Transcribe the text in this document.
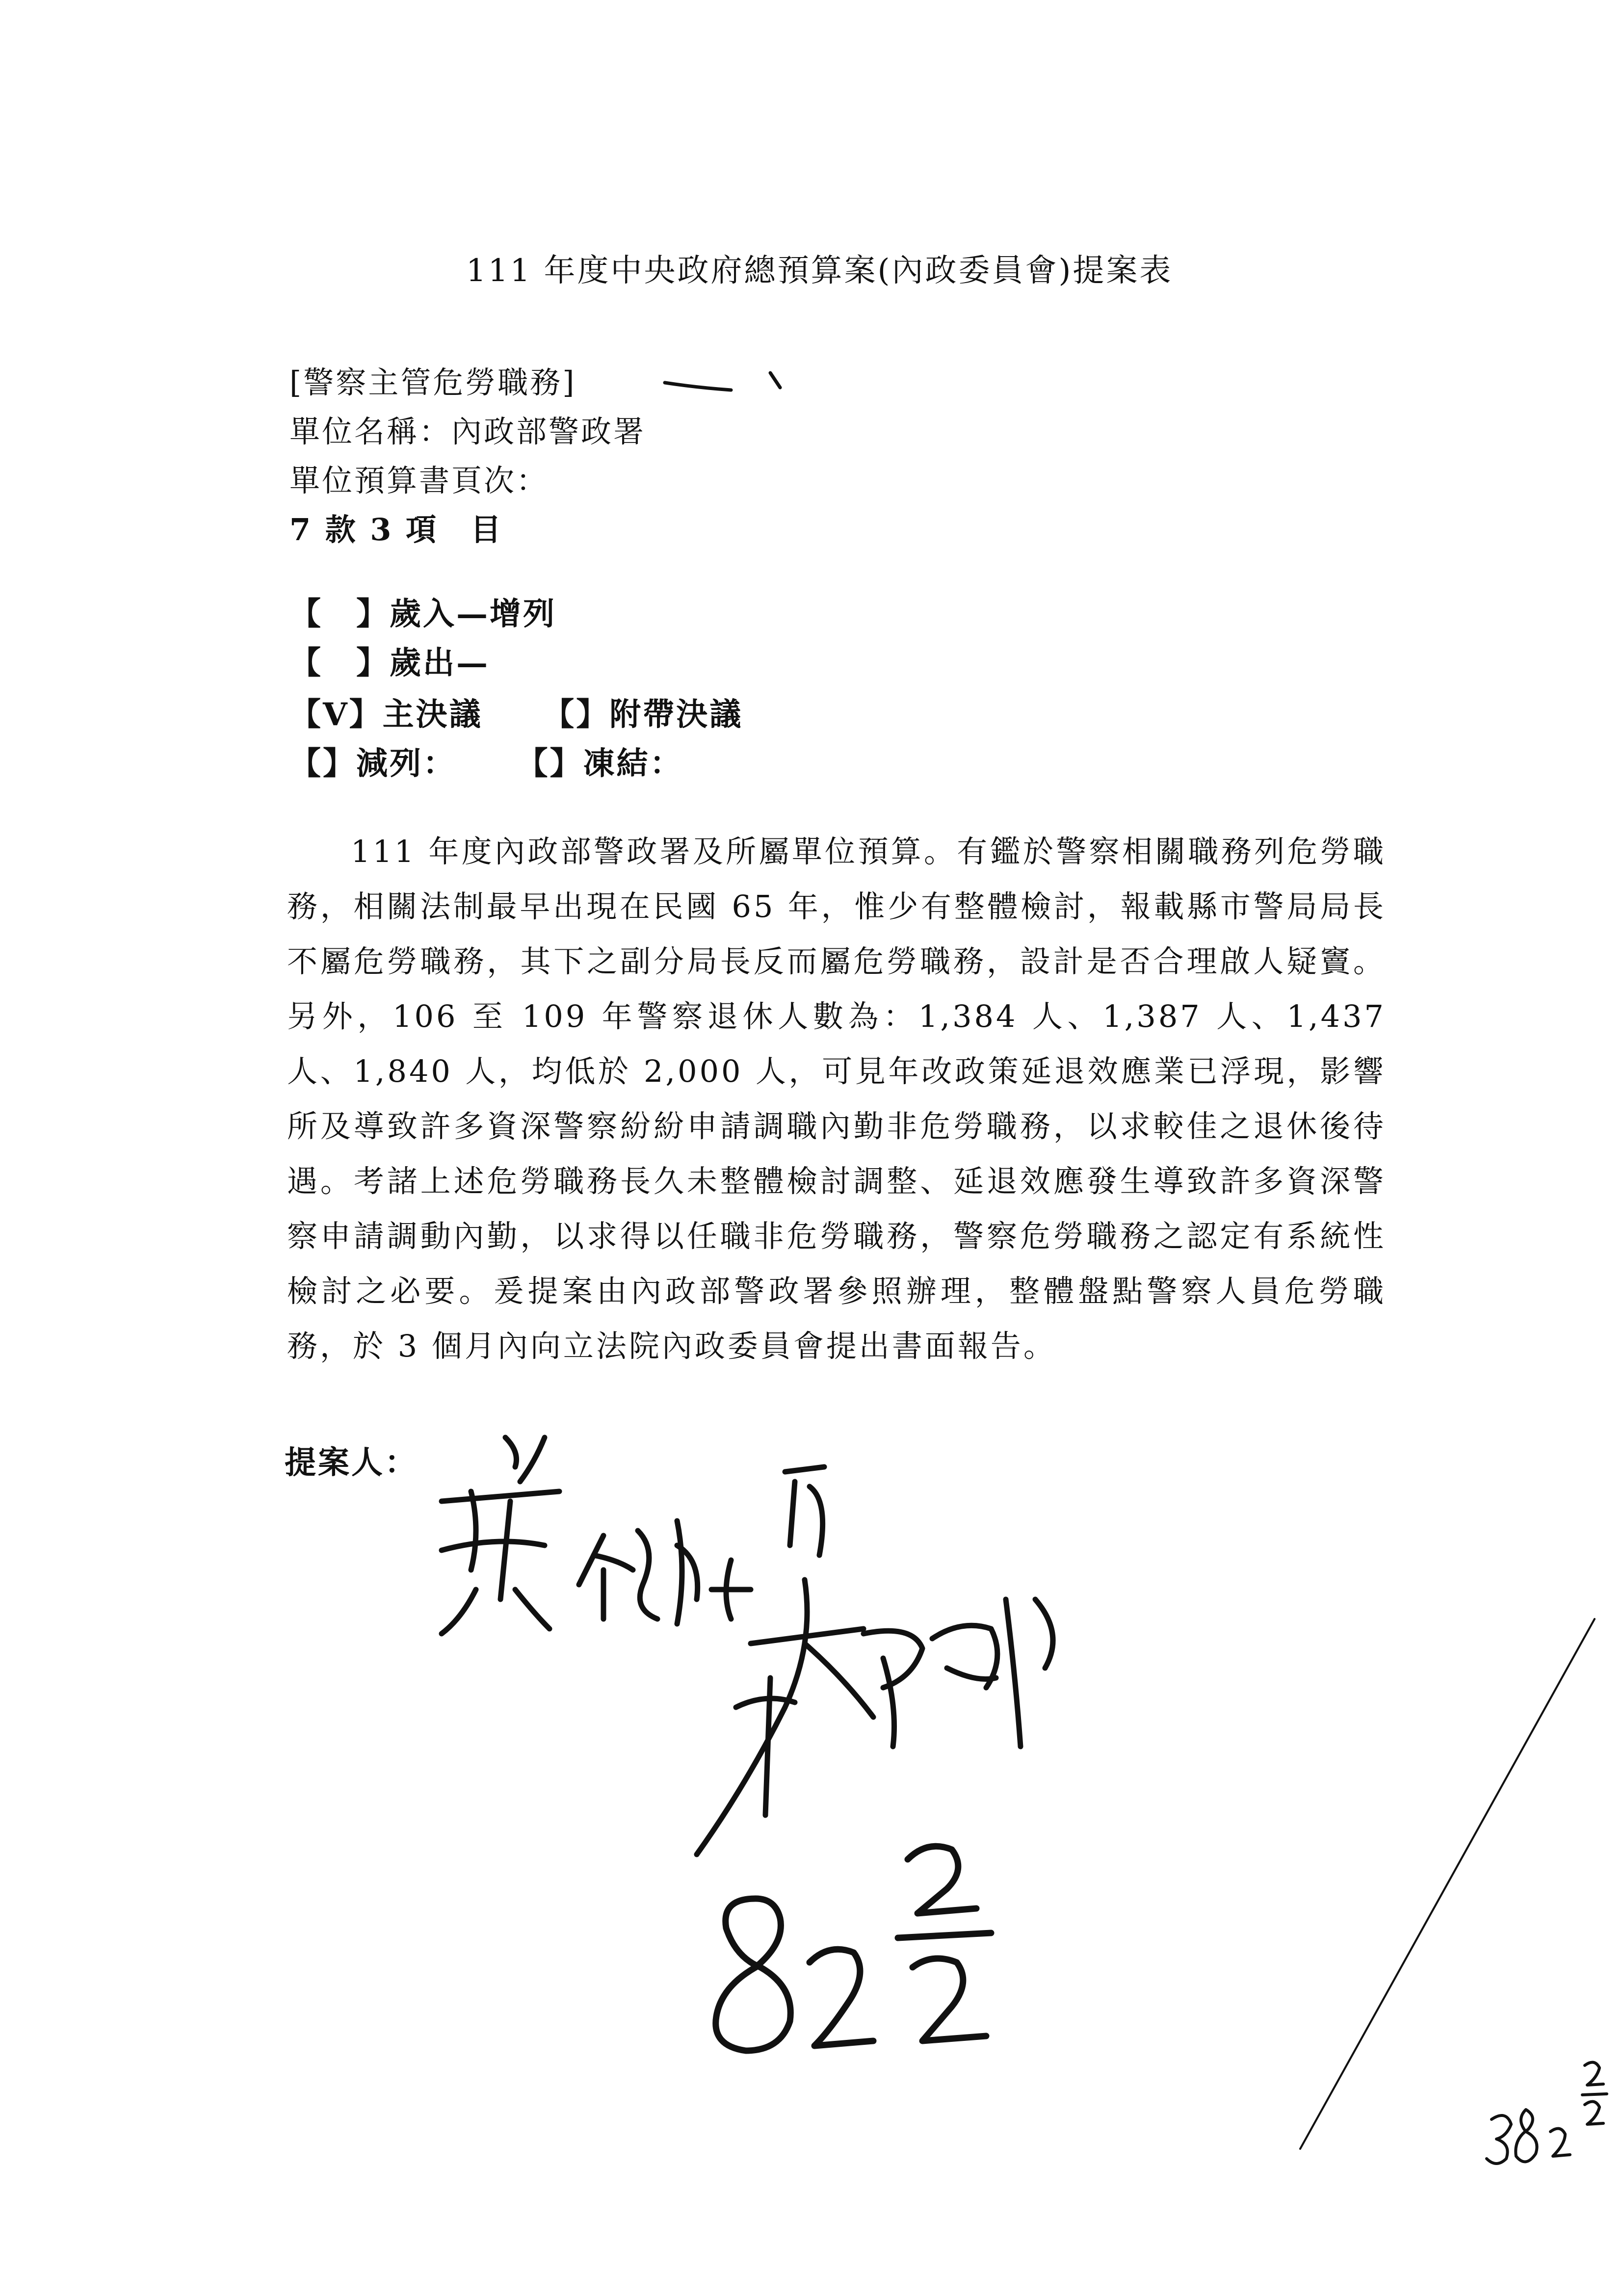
111 年度中央政府總預算案(內政委員會)提案表
[警察主管危勞職務]
單位名稱：內政部警政署
單位預算書頁次：
7 款 3 項　目
【　】歲入—增列
【　】歲出—
【V】主決議 【】附帶決議
【】減列： 【】凍結：
111 年度內政部警政署及所屬單位預算。有鑑於警察相關職務列危勞職務，相關法制最早出現在民國 65 年，惟少有整體檢討，報載縣市警局局長不屬危勞職務，其下之副分局長反而屬危勞職務，設計是否合理啟人疑竇。另外，106 至 109 年警察退休人數為：1,384 人、1,387 人、1,437 人、1,840 人，均低於 2,000 人，可見年改政策延退效應業已浮現，影響所及導致許多資深警察紛紛申請調職內勤非危勞職務，以求較佳之退休後待遇。考諸上述危勞職務長久未整體檢討調整、延退效應發生導致許多資深警察申請調動內勤，以求得以任職非危勞職務，警察危勞職務之認定有系統性檢討之必要。爰提案由內政部警政署參照辦理，整體盤點警察人員危勞職務，於 3 個月內向立法院內政委員會提出書面報告。
提案人：
